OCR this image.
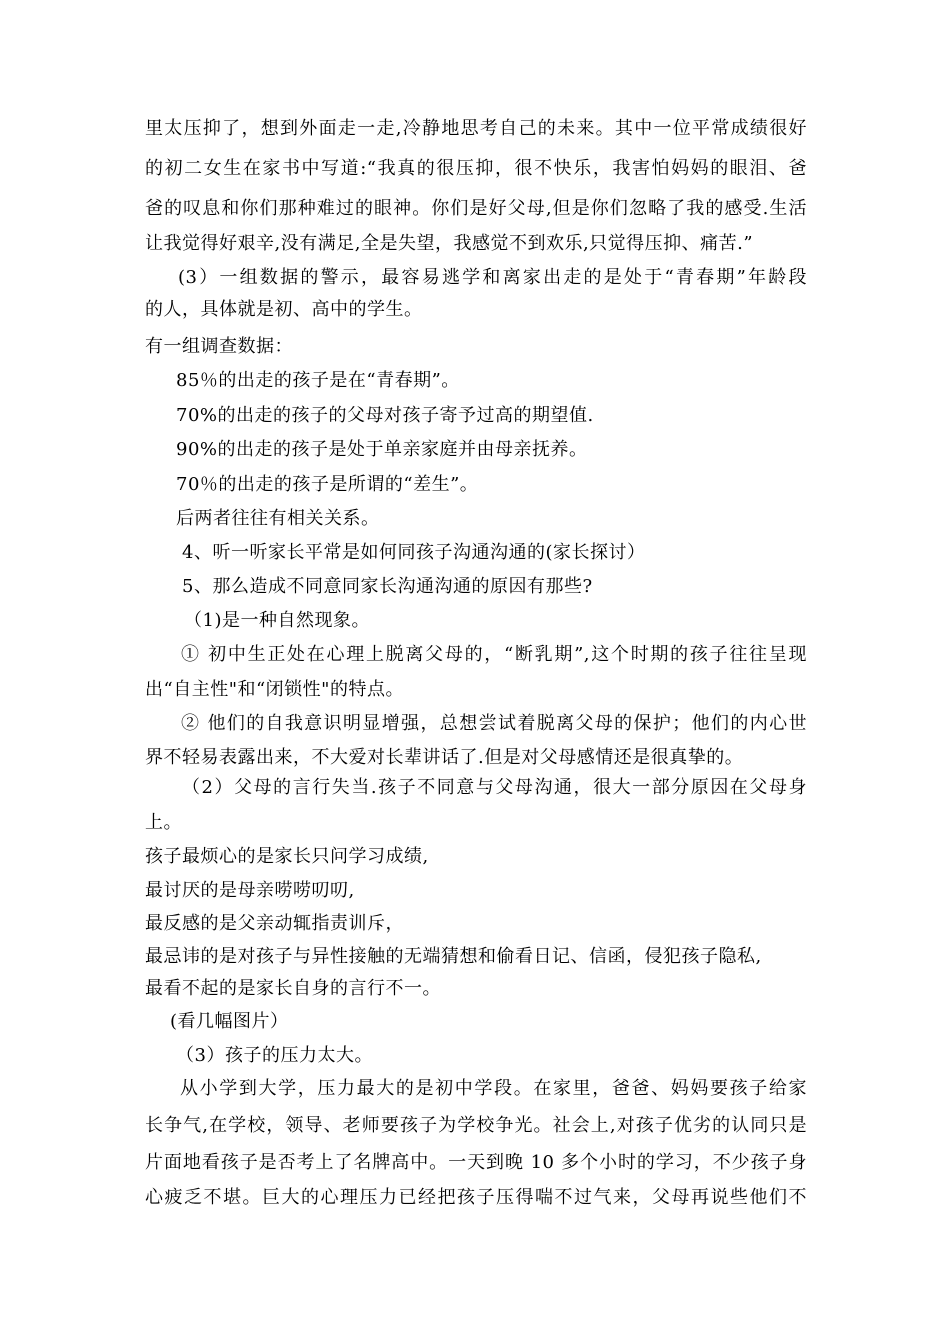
里太压抑了，想到外面走一走,冷静地思考自己的未来。其中一位平常成绩很好
的初二女生在家书中写道:“我真的很压抑，很不快乐，我害怕妈妈的眼泪、爸
爸的叹息和你们那种难过的眼神。你们是好父母,但是你们忽略了我的感受.生活
让我觉得好艰辛,没有满足,全是失望，我感觉不到欢乐,只觉得压抑、痛苦.”
(3）一组数据的警示，最容易逃学和离家出走的是处于“青春期”年龄段
的人，具体就是初、高中的学生。
有一组调查数据：
85％的出走的孩子是在“青春期”。
70%的出走的孩子的父母对孩子寄予过高的期望值.
90%的出走的孩子是处于单亲家庭并由母亲抚养。
70％的出走的孩子是所谓的“差生”。
后两者往往有相关关系。
4、听一听家长平常是如何同孩子沟通沟通的(家长探讨）
5、那么造成不同意同家长沟通沟通的原因有那些?
（1)是一种自然现象。
① 初中生正处在心理上脱离父母的，“断乳期”,这个时期的孩子往往呈现
出“自主性"和“闭锁性"的特点。
② 他们的自我意识明显增强，总想尝试着脱离父母的保护；他们的内心世
界不轻易表露出来，不大爱对长辈讲话了.但是对父母感情还是很真挚的。
（2）父母的言行失当.孩子不同意与父母沟通，很大一部分原因在父母身
上。
孩子最烦心的是家长只问学习成绩,
最讨厌的是母亲唠唠叨叨,
最反感的是父亲动辄指责训斥，
最忌讳的是对孩子与异性接触的无端猜想和偷看日记、信函，侵犯孩子隐私,
最看不起的是家长自身的言行不一。
(看几幅图片）
（3）孩子的压力太大。
从小学到大学，压力最大的是初中学段。在家里，爸爸、妈妈要孩子给家
长争气,在学校，领导、老师要孩子为学校争光。社会上,对孩子优劣的认同只是
片面地看孩子是否考上了名牌高中。一天到晚 10 多个小时的学习，不少孩子身
心疲乏不堪。巨大的心理压力已经把孩子压得喘不过气来，父母再说些他们不
